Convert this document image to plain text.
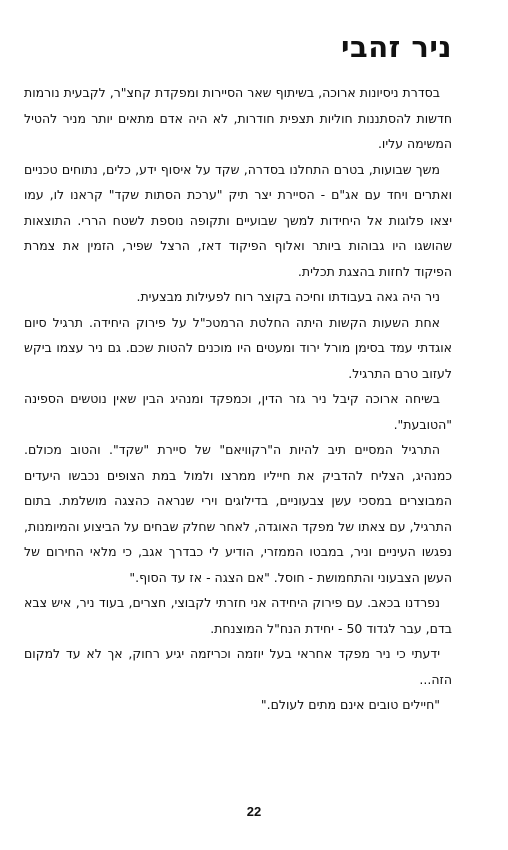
ניר זהבי

בסדרת ניסיונות ארוכה, בשיתוף שאר הסיירות ומפקדת קחצ"ר, לקבעית נורמות חדשות להסתננות חוליות תצפית חודרות, לא היה אדם מתאים יותר מניר להטיל המשימה עליו.

משך שבועות, בטרם התחלנו בסדרה, שקד על איסוף ידע, כלים, נתוחים טכניים ואתרים ויחד עם אג"ם - הסיירת יצר תיק "ערכת הסתות שקד" קראנו לו, עמו יצאו פלוגות אל היחידות למשך שבועיים ותקופה נוספת לשטח הררי. התוצאות שהושגו היו גבוהות ביותר ואלוף הפיקוד דאז, הרצל שפיר, הזמין את צמרת הפיקוד לחזות בהצגת תכלית.

ניר היה גאה בעבודתו וחיכה בקוצר רוח לפעילות מבצעית.

אחת השעות הקשות היתה החלטת הרמטכ"ל על פירוק היחידה. תרגיל סיום אוגדתי עמד בסימן מורל ירוד ומעטים היו מוכנים להטות שכם. גם ניר עצמו ביקש לעזוב טרם התרגיל.

בשיחה ארוכה קיבל ניר גזר הדין, וכמפקד ומנהיג הבין שאין נוטשים הספינה "הטובעת".

התרגיל המסיים תיב להיות ה"רקוויאם" של סיירת "שקד". והטוב מכולם. כמנהיג, הצליח להדביק את חייליו ממרצו ולמול במת הצופים נכבשו היעדים המבוצרים במסכי עשן צבעוניים, בדילוגים וירי שנראה כהצגה מושלמת. בתום התרגיל, עם צאתו של מפקד האוגדה, לאחר שחלק שבחים על הביצוע והמיומנות, נפגשו העיניים וניר, במבטו הממזרי, הודיע לי כבדרך אגב, כי מלאי החירום של העשן הצבעוני והתחמושת - חוסל. "אם הצגה - אז עד הסוף."

נפרדנו בכאב. עם פירוק היחידה אני חזרתי לקבוצי, חצרים, בעוד ניר, איש צבא בדם, עבר לגדוד 50 - יחידת הנח"ל המוצנחת.

ידעתי כי ניר מפקד אחראי בעל יוזמה וכריזמה יגיע רחוק, אך לא עד למקום הזה...

"חיילים טובים אינם מתים לעולם."

22
